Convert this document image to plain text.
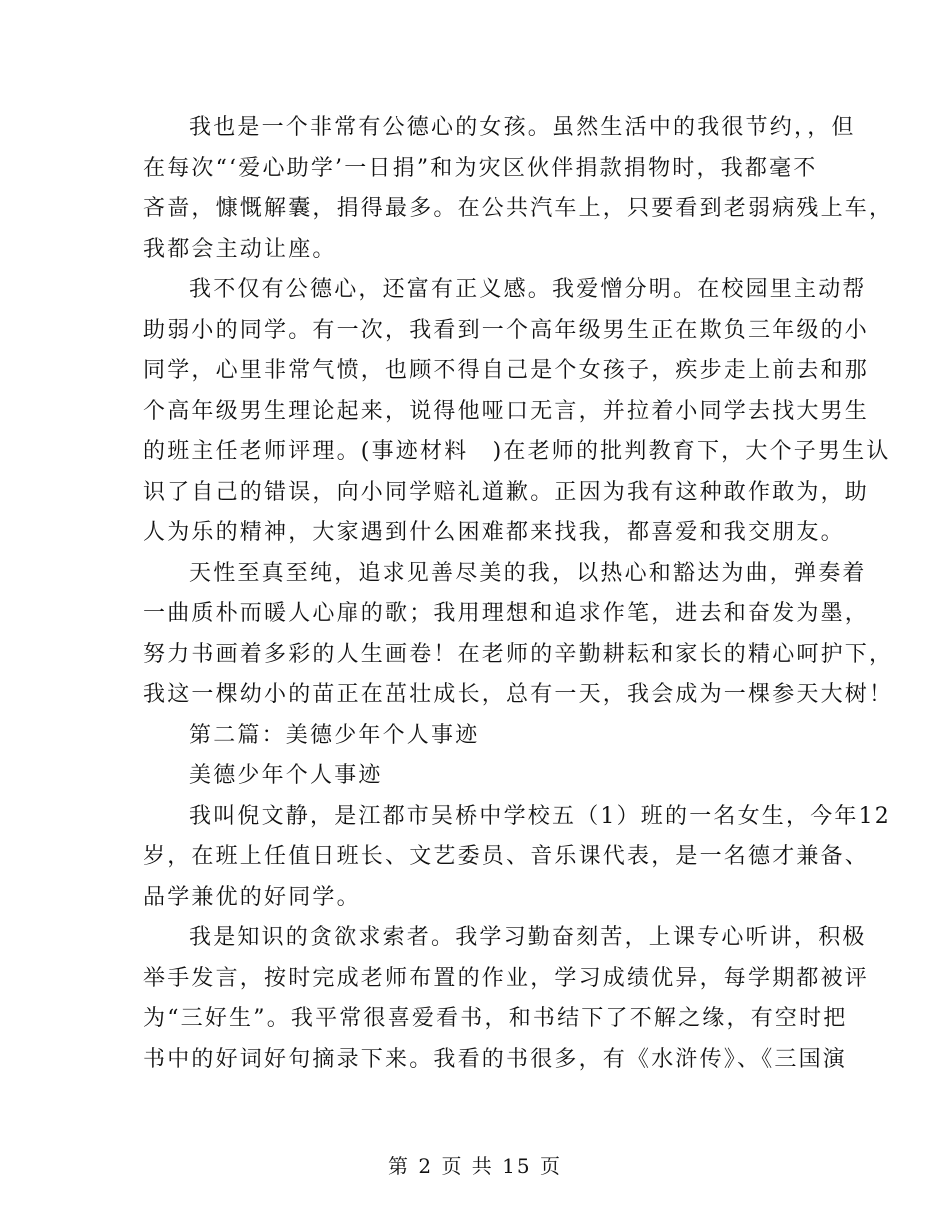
我也是一个非常有公德心的女孩。虽然生活中的我很节约，，但
在每次“‘爱心助学’一日捐”和为灾区伙伴捐款捐物时，我都毫不
吝啬，慷慨解囊，捐得最多。在公共汽车上，只要看到老弱病残上车，
我都会主动让座。
我不仅有公德心，还富有正义感。我爱憎分明。在校园里主动帮
助弱小的同学。有一次，我看到一个高年级男生正在欺负三年级的小
同学，心里非常气愤，也顾不得自己是个女孩子，疾步走上前去和那
个高年级男生理论起来，说得他哑口无言，并拉着小同学去找大男生
的班主任老师评理。(事迹材料　)在老师的批判教育下，大个子男生认
识了自己的错误，向小同学赔礼道歉。正因为我有这种敢作敢为，助
人为乐的精神，大家遇到什么困难都来找我，都喜爱和我交朋友。
天性至真至纯，追求见善尽美的我，以热心和豁达为曲，弹奏着
一曲质朴而暖人心扉的歌；我用理想和追求作笔，进去和奋发为墨，
努力书画着多彩的人生画卷！在老师的辛勤耕耘和家长的精心呵护下，
我这一棵幼小的苗正在茁壮成长，总有一天，我会成为一棵参天大树！
第二篇：美德少年个人事迹
美德少年个人事迹
我叫倪文静，是江都市吴桥中学校五（1）班的一名女生，今年12
岁，在班上任值日班长、文艺委员、音乐课代表，是一名德才兼备、
品学兼优的好同学。
我是知识的贪欲求索者。我学习勤奋刻苦，上课专心听讲，积极
举手发言，按时完成老师布置的作业，学习成绩优异，每学期都被评
为“三好生”。我平常很喜爱看书，和书结下了不解之缘，有空时把
书中的好词好句摘录下来。我看的书很多，有《水浒传》、《三国演
第 2 页 共 15 页
